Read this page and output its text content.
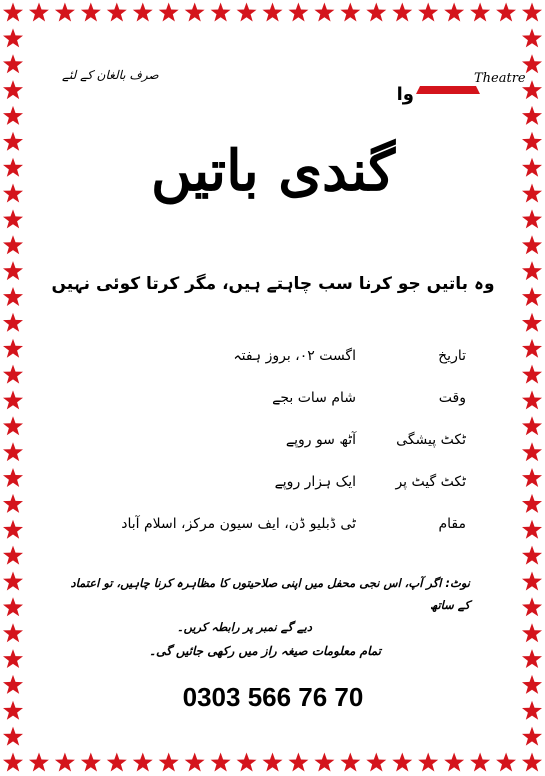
صرف بالغان کے لئے	Theatre
وا
گندی باتیں
وہ باتیں جو کرنا سب چاہتے ہیں، مگر کرتا کوئی نہیں
تاریخ
اگست ۰۲، بروز ہفتہ
وقت
شام سات بجے
ٹکٹ پیشگی
آٹھ سو روپے
ٹکٹ گیٹ پر
ایک ہزار روپے
مقام
ٹی ڈبلیو ڈن، ایف سیون مرکز، اسلام آباد
نوٹ: اگر آپ، اس نجی محفل میں اپنی صلاحیتوں کا مظاہرہ کرنا چاہیں، تو اعتماد کے ساتھ
دیے گے نمبر پر رابطہ کریں۔
تمام معلومات صیغہ راز میں رکھی جائیں گی۔
0303 566 76 70
